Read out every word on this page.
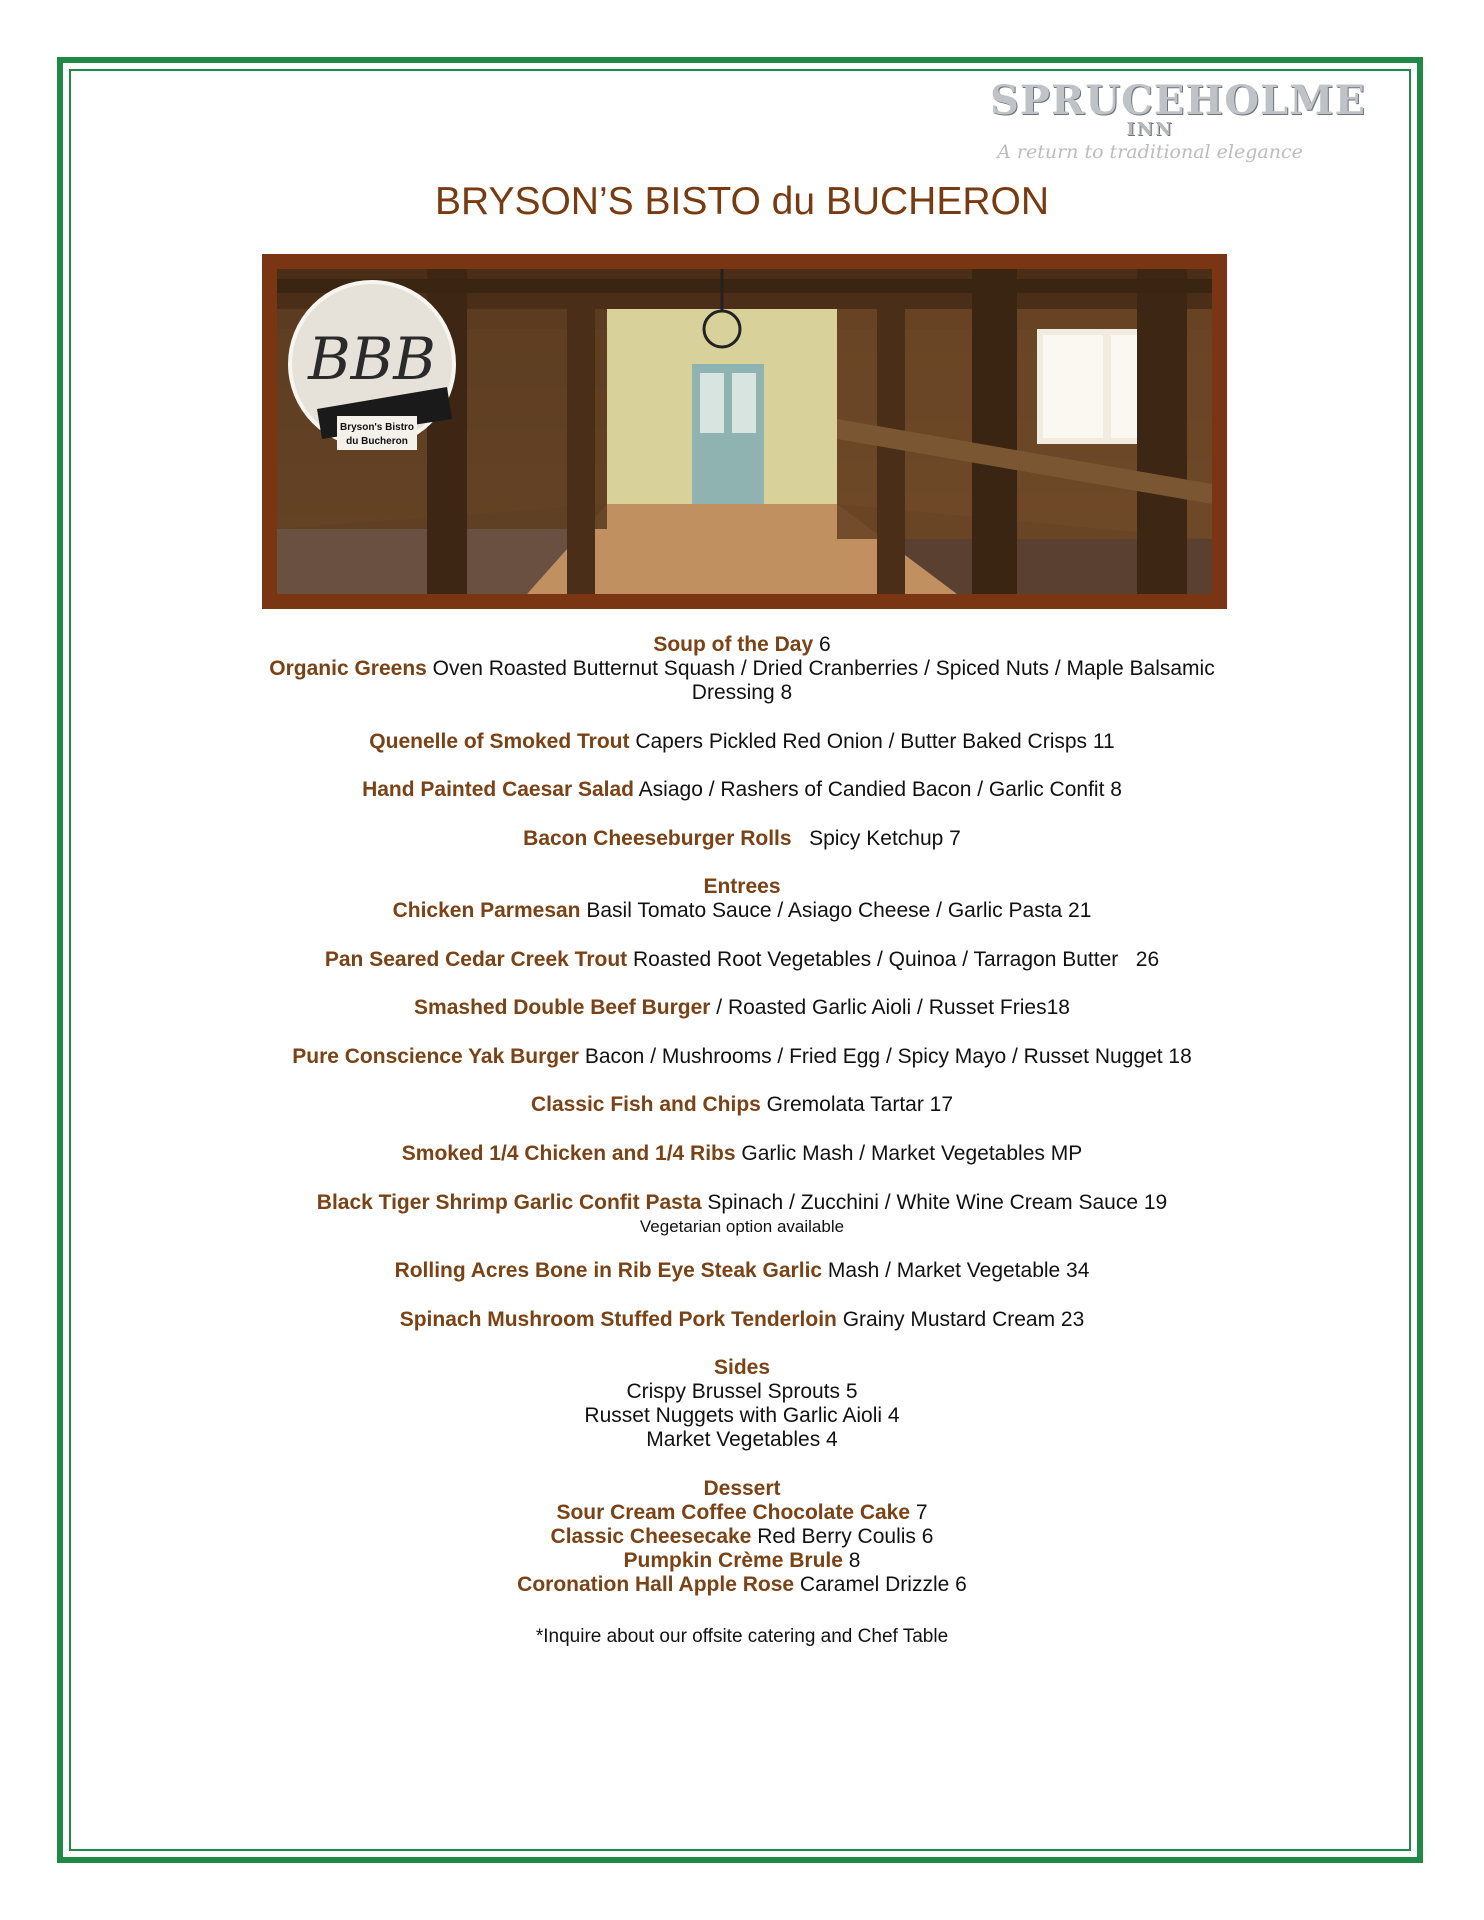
SPRUCEHOLME
INN
A return to traditional elegance
BRYSON’S BISTO du BUCHERON
BBB
Bryson's Bistro
du Bucheron
Soup of the Day 6
Organic Greens Oven Roasted Butternut Squash / Dried Cranberries / Spiced Nuts / Maple Balsamic
Dressing 8
Quenelle of Smoked Trout Capers Pickled Red Onion / Butter Baked Crisps 11
Hand Painted Caesar Salad Asiago / Rashers of Candied Bacon / Garlic Confit 8
Bacon Cheeseburger Rolls   Spicy Ketchup 7
Entrees
Chicken Parmesan Basil Tomato Sauce / Asiago Cheese / Garlic Pasta 21
Pan Seared Cedar Creek Trout Roasted Root Vegetables / Quinoa / Tarragon Butter   26
Smashed Double Beef Burger / Roasted Garlic Aioli / Russet Fries18
Pure Conscience Yak Burger Bacon / Mushrooms / Fried Egg / Spicy Mayo / Russet Nugget 18
Classic Fish and Chips Gremolata Tartar 17
Smoked 1/4 Chicken and 1/4 Ribs Garlic Mash / Market Vegetables MP
Black Tiger Shrimp Garlic Confit Pasta Spinach / Zucchini / White Wine Cream Sauce 19
Vegetarian option available
Rolling Acres Bone in Rib Eye Steak Garlic Mash / Market Vegetable 34
Spinach Mushroom Stuffed Pork Tenderloin Grainy Mustard Cream 23
Sides
Crispy Brussel Sprouts 5
Russet Nuggets with Garlic Aioli 4
Market Vegetables 4
Dessert
Sour Cream Coffee Chocolate Cake 7
Classic Cheesecake Red Berry Coulis 6
Pumpkin Crème Brule 8
Coronation Hall Apple Rose Caramel Drizzle 6
*Inquire about our offsite catering and Chef Table
